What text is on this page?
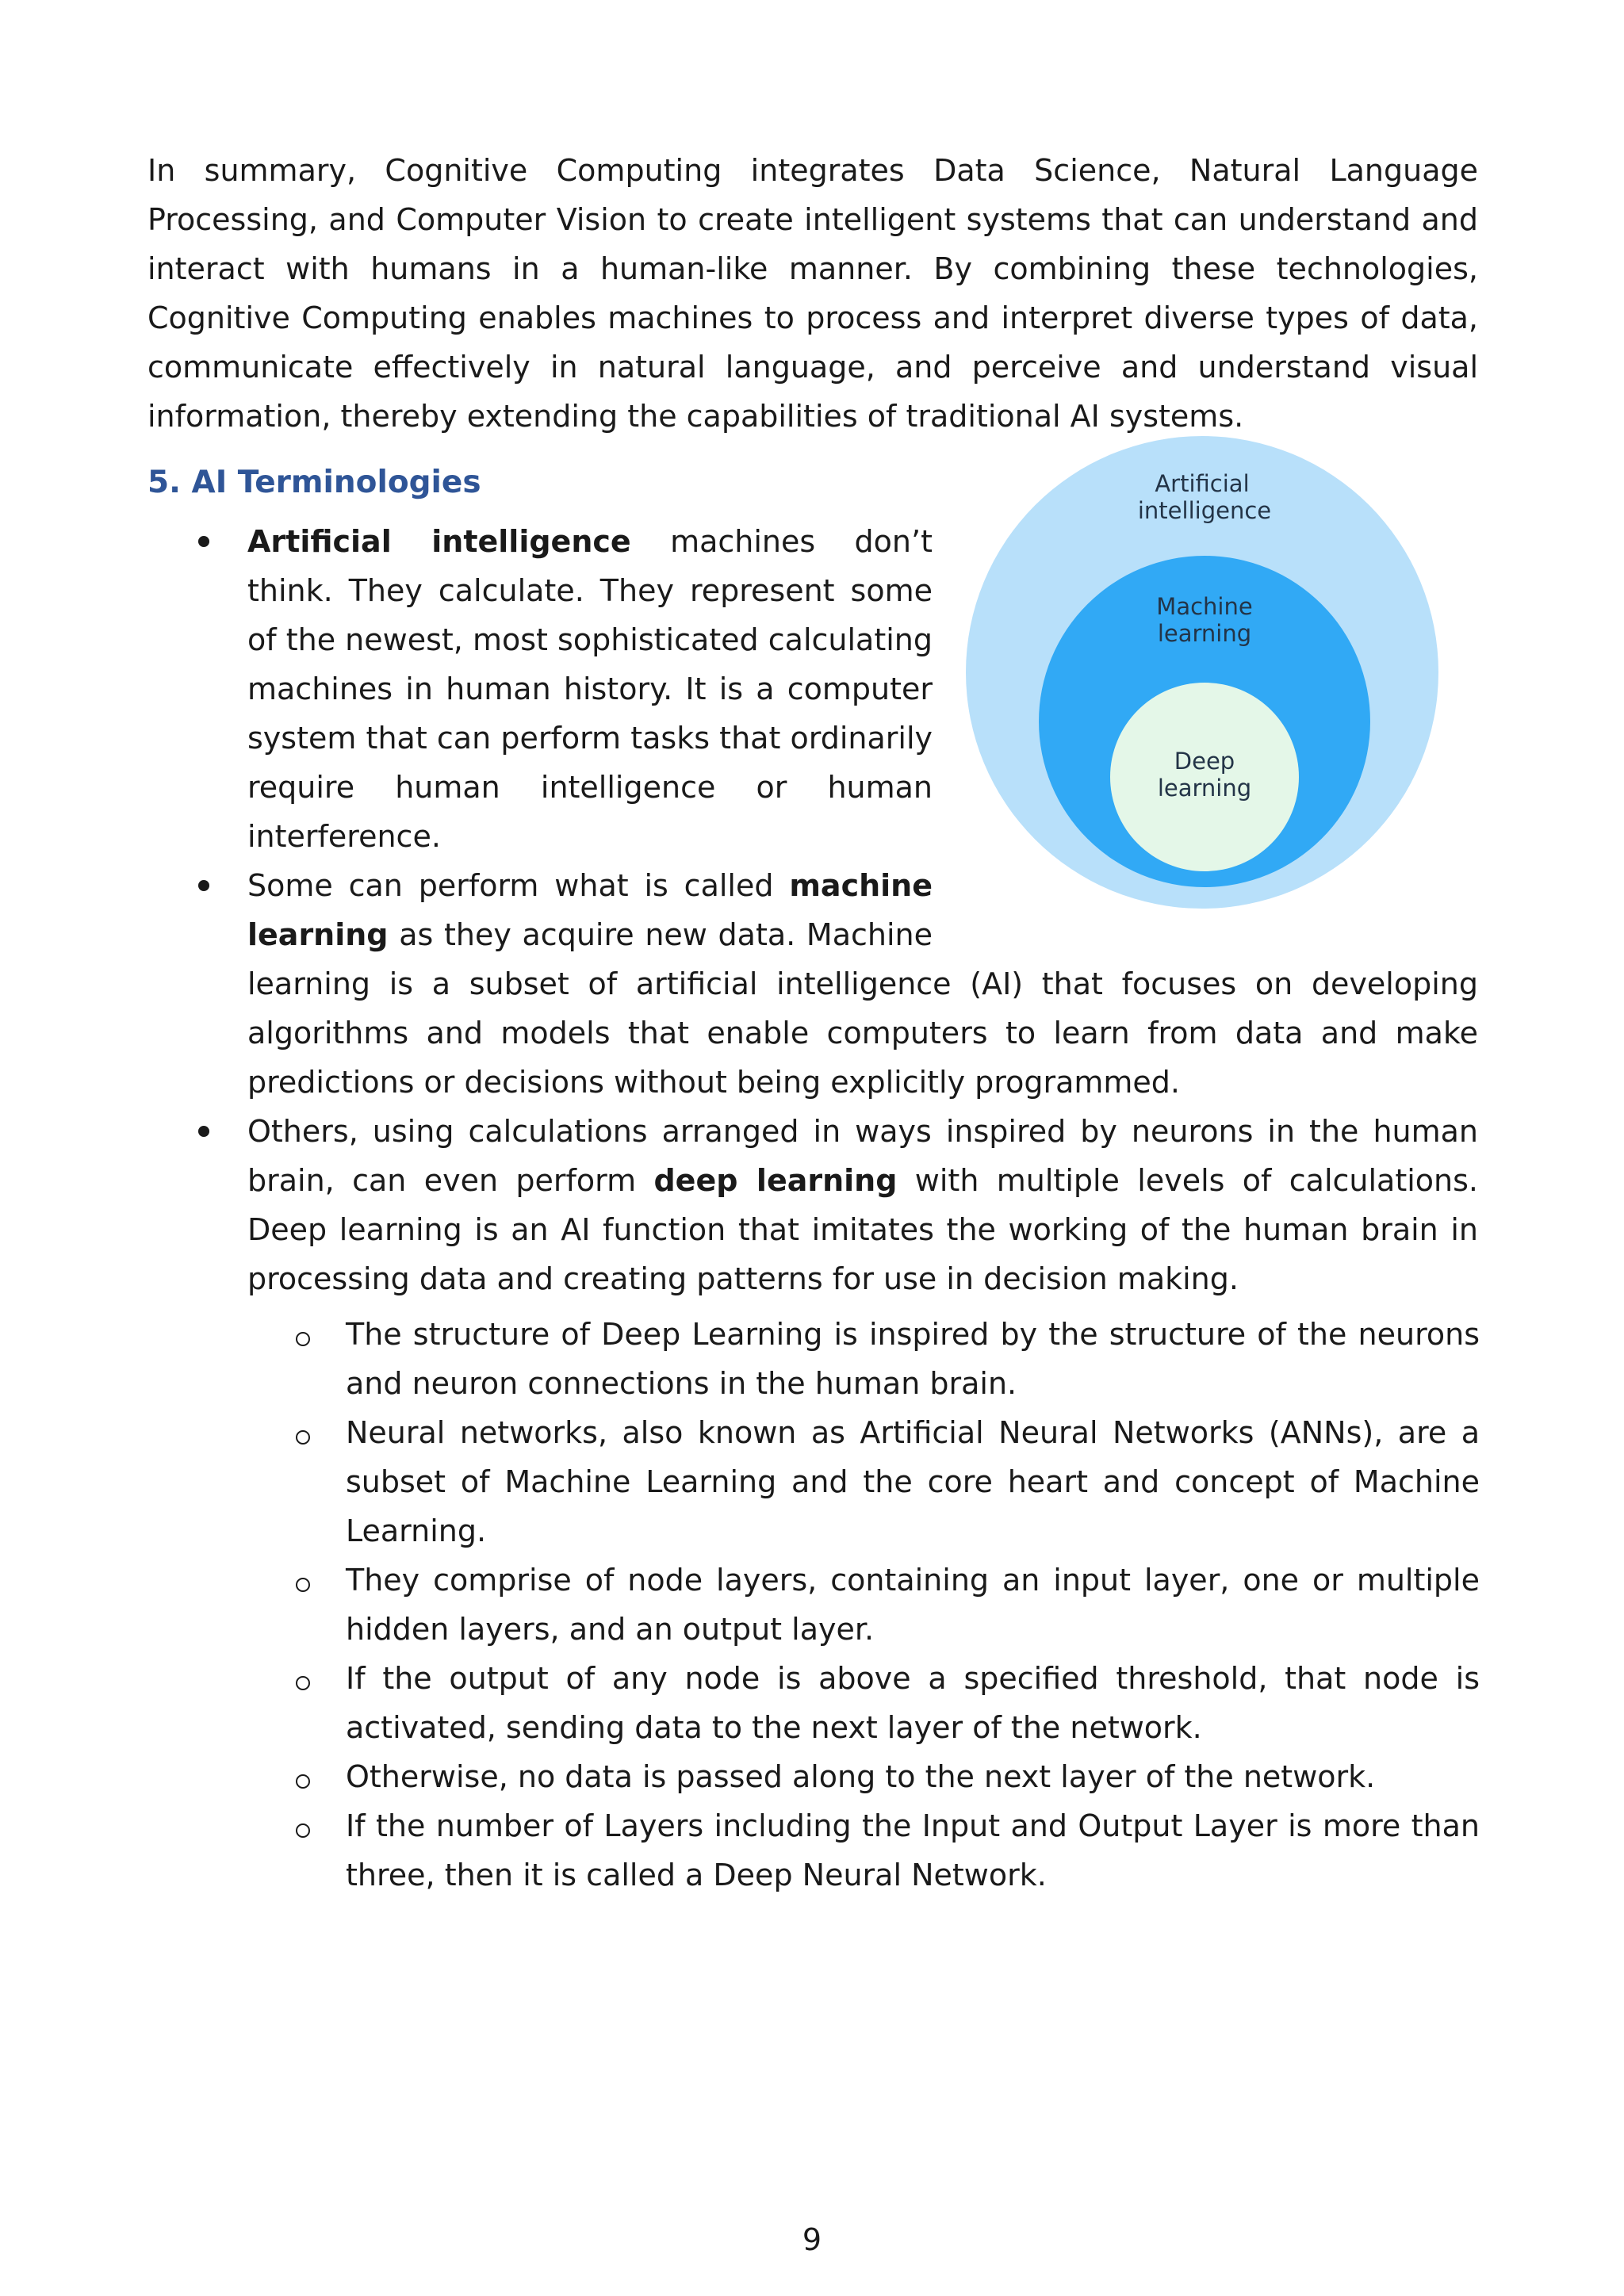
In summary, Cognitive Computing integrates Data Science, Natural Language Processing, and Computer Vision to create intelligent systems that can understand and interact with humans in a human-like manner. By combining these technologies, Cognitive Computing enables machines to process and interpret diverse types of data, communicate effectively in natural language, and perceive and understand visual information, thereby extending the capabilities of traditional AI systems.

5. AI Terminologies	Artificial
intelligence
Machine
learning
Deep
learning

Artificial intelligence machines don’t think. They calculate. They represent some of the newest, most sophisticated calculating machines in human history. It is a computer system that can perform tasks that ordinarily require human intelligence or human interference.

Some can perform what is called machine learning as they acquire new data. Machine

learning is a subset of artificial intelligence (AI) that focuses on developing algorithms and models that enable computers to learn from data and make predictions or decisions without being explicitly programmed.

Others, using calculations arranged in ways inspired by neurons in the human brain, can even perform deep learning with multiple levels of calculations. Deep learning is an AI function that imitates the working of the human brain in processing data and creating patterns for use in decision making.

The structure of Deep Learning is inspired by the structure of the neurons and neuron connections in the human brain.

Neural networks, also known as Artificial Neural Networks (ANNs), are a subset of Machine Learning and the core heart and concept of Machine Learning.

They comprise of node layers, containing an input layer, one or multiple hidden layers, and an output layer.

If the output of any node is above a specified threshold, that node is activated, sending data to the next layer of the network.

Otherwise, no data is passed along to the next layer of the network.

If the number of Layers including the Input and Output Layer is more than three, then it is called a Deep Neural Network.

9
